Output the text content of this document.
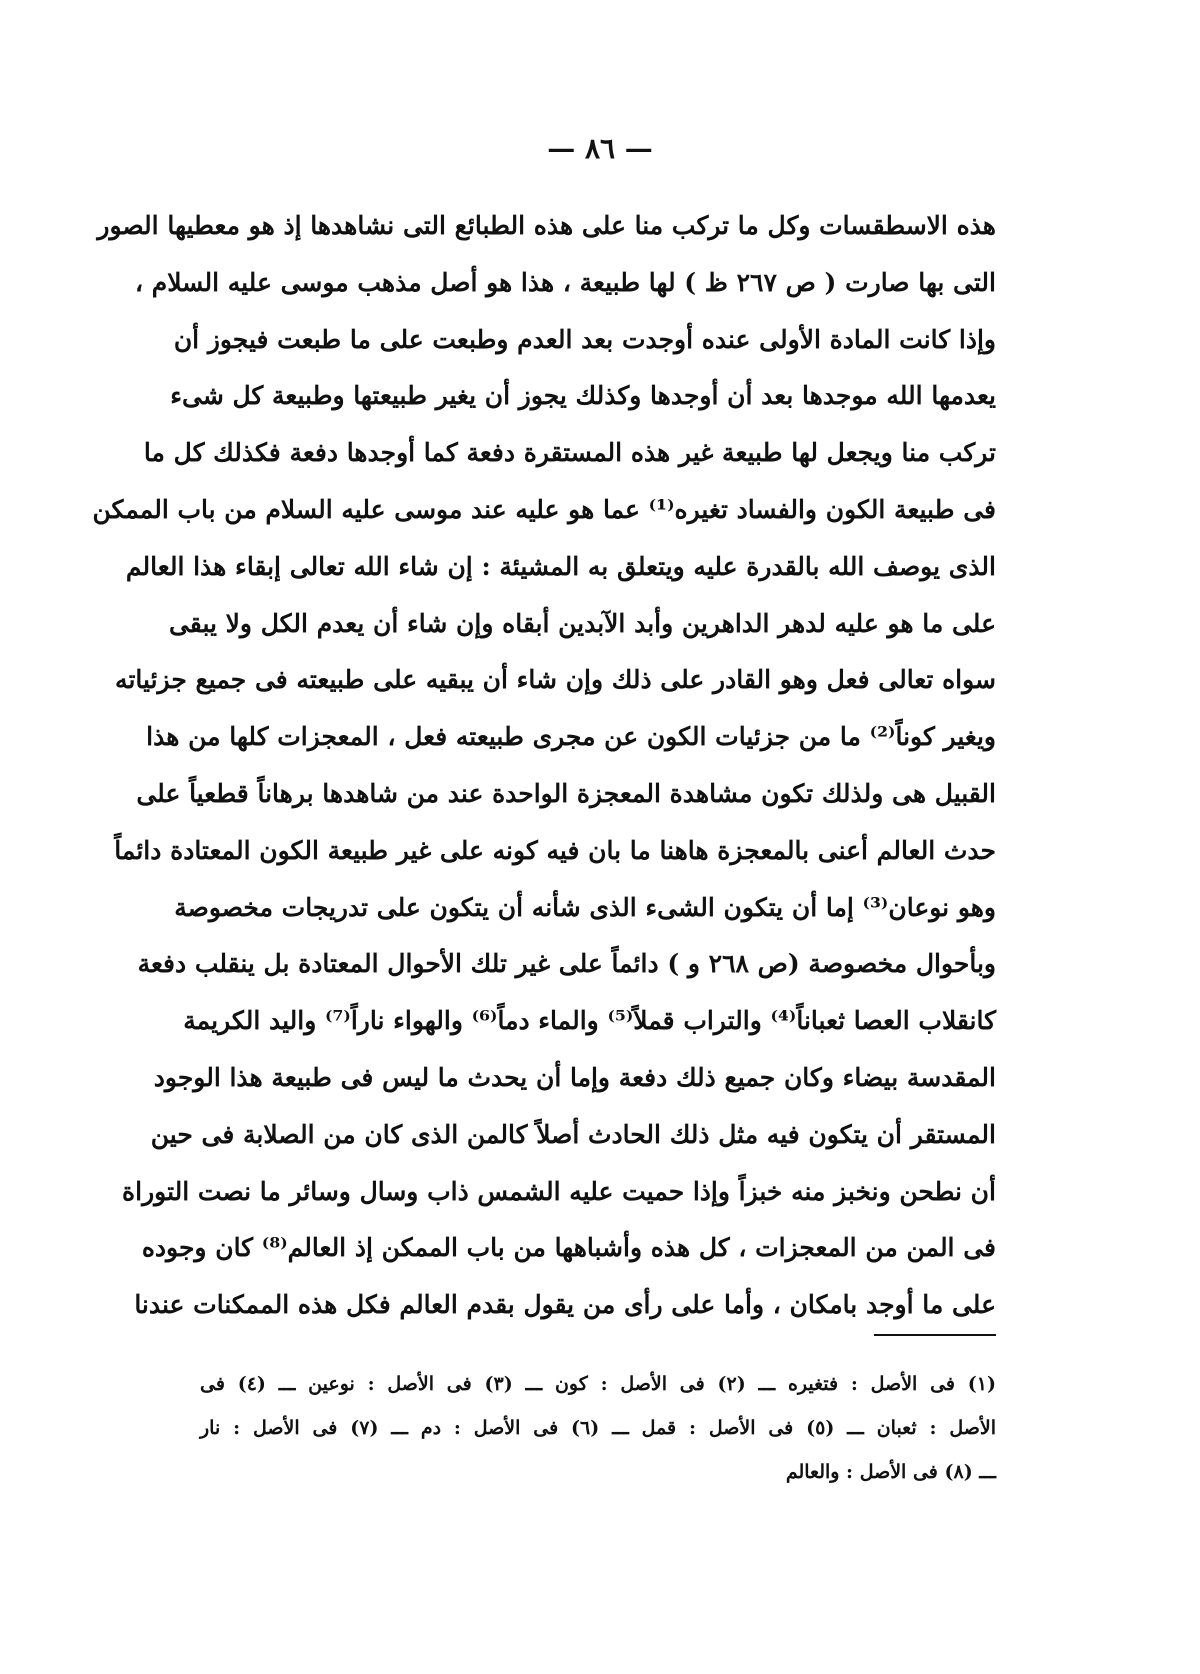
— ٨٦ —
هذه الاسطقسات وكل ما تركب منا على هذه الطبائع التى نشاهدها إذ هو معطيها الصور
التى بها صارت ( ص ٢٦٧ ظ ) لها طبيعة ، هذا هو أصل مذهب موسى عليه السلام ،
وإذا كانت المادة الأولى عنده أوجدت بعد العدم وطبعت على ما طبعت فيجوز أن
يعدمها الله موجدها بعد أن أوجدها وكذلك يجوز أن يغير طبيعتها وطبيعة كل شىء
تركب منا ويجعل لها طبيعة غير هذه المستقرة دفعة كما أوجدها دفعة فكذلك كل ما
فى طبيعة الكون والفساد تغيره⁽¹⁾ عما هو عليه عند موسى عليه السلام من باب الممكن
الذى يوصف الله بالقدرة عليه ويتعلق به المشيئة : إن شاء الله تعالى إبقاء هذا العالم
على ما هو عليه لدهر الداهرين وأبد الآبدين أبقاه وإن شاء أن يعدم الكل ولا يبقى
سواه تعالى فعل وهو القادر على ذلك وإن شاء أن يبقيه على طبيعته فى جميع جزئياته
ويغير كوناً⁽²⁾ ما من جزئيات الكون عن مجرى طبيعته فعل ، المعجزات كلها من هذا
القبيل هى ولذلك تكون مشاهدة المعجزة الواحدة عند من شاهدها برهاناً قطعياً على
حدث العالم أعنى بالمعجزة هاهنا ما بان فيه كونه على غير طبيعة الكون المعتادة دائماً
وهو نوعان⁽³⁾ إما أن يتكون الشىء الذى شأنه أن يتكون على تدريجات مخصوصة
وبأحوال مخصوصة (ص ٢٦٨ و ) دائماً على غير تلك الأحوال المعتادة بل ينقلب دفعة
كانقلاب العصا ثعباناً⁽⁴⁾ والتراب قملاً⁽⁵⁾ والماء دماً⁽⁶⁾ والهواء ناراً⁽⁷⁾ واليد الكريمة
المقدسة بيضاء وكان جميع ذلك دفعة وإما أن يحدث ما ليس فى طبيعة هذا الوجود
المستقر أن يتكون فيه مثل ذلك الحادث أصلاً كالمن الذى كان من الصلابة فى حين
أن نطحن ونخبز منه خبزاً وإذا حميت عليه الشمس ذاب وسال وسائر ما نصت التوراة
فى المن من المعجزات ، كل هذه وأشباهها من باب الممكن إذ العالم⁽⁸⁾ كان وجوده
على ما أوجد بامكان ، وأما على رأى من يقول بقدم العالم فكل هذه الممكنات عندنا
(١) فى الأصل : فتغيره ـــ (٢) فى الأصل : كون ـــ (٣) فى الأصل : نوعين ـــ (٤) فى
الأصل : ثعبان ـــ (٥) فى الأصل : قمل ـــ (٦) فى الأصل : دم ـــ (٧) فى الأصل : نار
ـــ (٨) فى الأصل : والعالم
